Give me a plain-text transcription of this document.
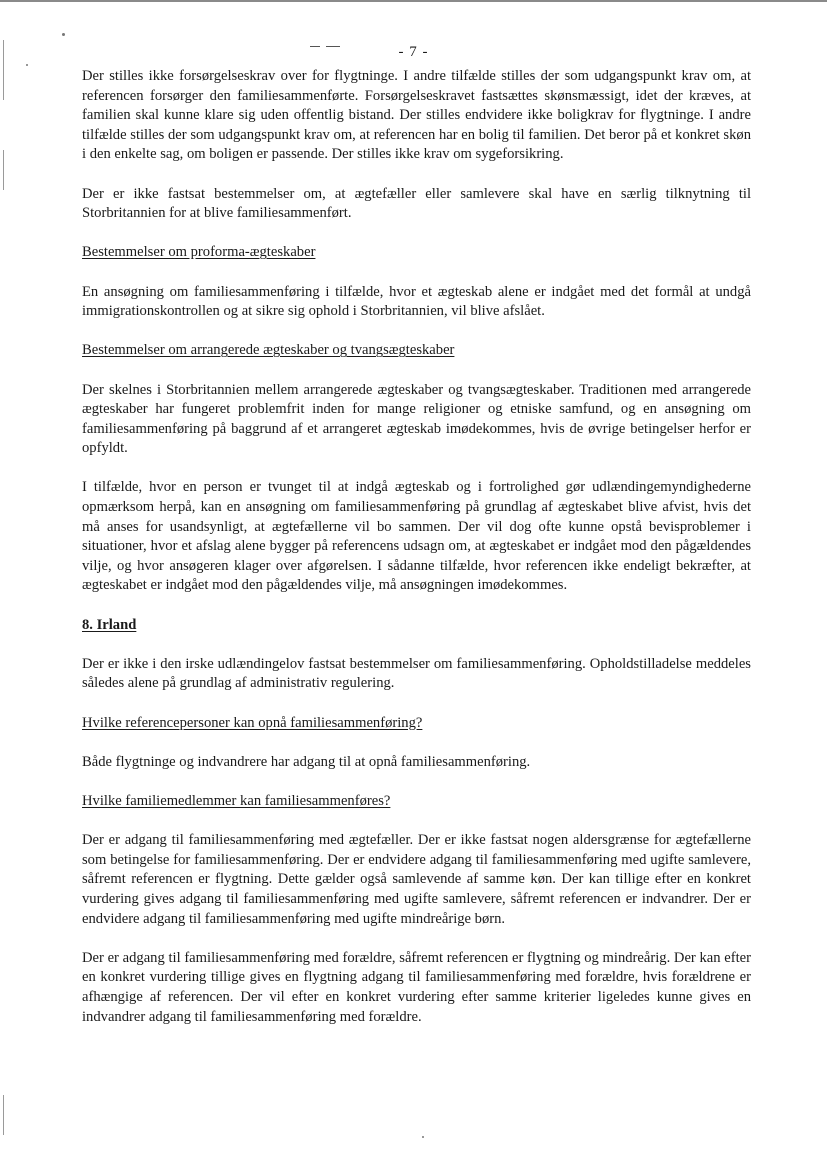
- 7 -

Der stilles ikke forsørgelseskrav over for flygtninge. I andre tilfælde stilles der som udgangspunkt krav om, at referencen forsørger den familiesammenførte. Forsørgelseskravet fastsættes skønsmæssigt, idet der kræves, at familien skal kunne klare sig uden offentlig bistand. Der stilles endvidere ikke boligkrav for flygtninge. I andre tilfælde stilles der som udgangspunkt krav om, at referencen har en bolig til familien. Det beror på et konkret skøn i den enkelte sag, om boligen er passende. Der stilles ikke krav om sygeforsikring.

Der er ikke fastsat bestemmelser om, at ægtefæller eller samlevere skal have en særlig tilknytning til Storbritannien for at blive familiesammenført.

Bestemmelser om proforma-ægteskaber

En ansøgning om familiesammenføring i tilfælde, hvor et ægteskab alene er indgået med det formål at undgå immigrationskontrollen og at sikre sig ophold i Storbritannien, vil blive afslået.

Bestemmelser om arrangerede ægteskaber og tvangsægteskaber

Der skelnes i Storbritannien mellem arrangerede ægteskaber og tvangsægteskaber. Traditionen med arrangerede ægteskaber har fungeret problemfrit inden for mange religioner og etniske samfund, og en ansøgning om familiesammenføring på baggrund af et arrangeret ægteskab imødekommes, hvis de øvrige betingelser herfor er opfyldt.

I tilfælde, hvor en person er tvunget til at indgå ægteskab og i fortrolighed gør udlændingemyndighederne opmærksom herpå, kan en ansøgning om familiesammenføring på grundlag af ægteskabet blive afvist, hvis det må anses for usandsynligt, at ægtefællerne vil bo sammen. Der vil dog ofte kunne opstå bevisproblemer i situationer, hvor et afslag alene bygger på referencens udsagn om, at ægteskabet er indgået mod den pågældendes vilje, og hvor ansøgeren klager over afgørelsen. I sådanne tilfælde, hvor referencen ikke endeligt bekræfter, at ægteskabet er indgået mod den pågældendes vilje, må ansøgningen imødekommes.

8. Irland

Der er ikke i den irske udlændingelov fastsat bestemmelser om familiesammenføring. Opholdstilladelse meddeles således alene på grundlag af administrativ regulering.

Hvilke referencepersoner kan opnå familiesammenføring?

Både flygtninge og indvandrere har adgang til at opnå familiesammenføring.

Hvilke familiemedlemmer kan familiesammenføres?

Der er adgang til familiesammenføring med ægtefæller. Der er ikke fastsat nogen aldersgrænse for ægtefællerne som betingelse for familiesammenføring. Der er endvidere adgang til familiesammenføring med ugifte samlevere, såfremt referencen er flygtning. Dette gælder også samlevende af samme køn. Der kan tillige efter en konkret vurdering gives adgang til familiesammenføring med ugifte samlevere, såfremt referencen er indvandrer. Der er endvidere adgang til familiesammenføring med ugifte mindreårige børn.

Der er adgang til familiesammenføring med forældre, såfremt referencen er flygtning og mindreårig. Der kan efter en konkret vurdering tillige gives en flygtning adgang til familiesammenføring med forældre, hvis forældrene er afhængige af referencen. Der vil efter en konkret vurdering efter samme kriterier ligeledes kunne gives en indvandrer adgang til familiesammenføring med forældre.
